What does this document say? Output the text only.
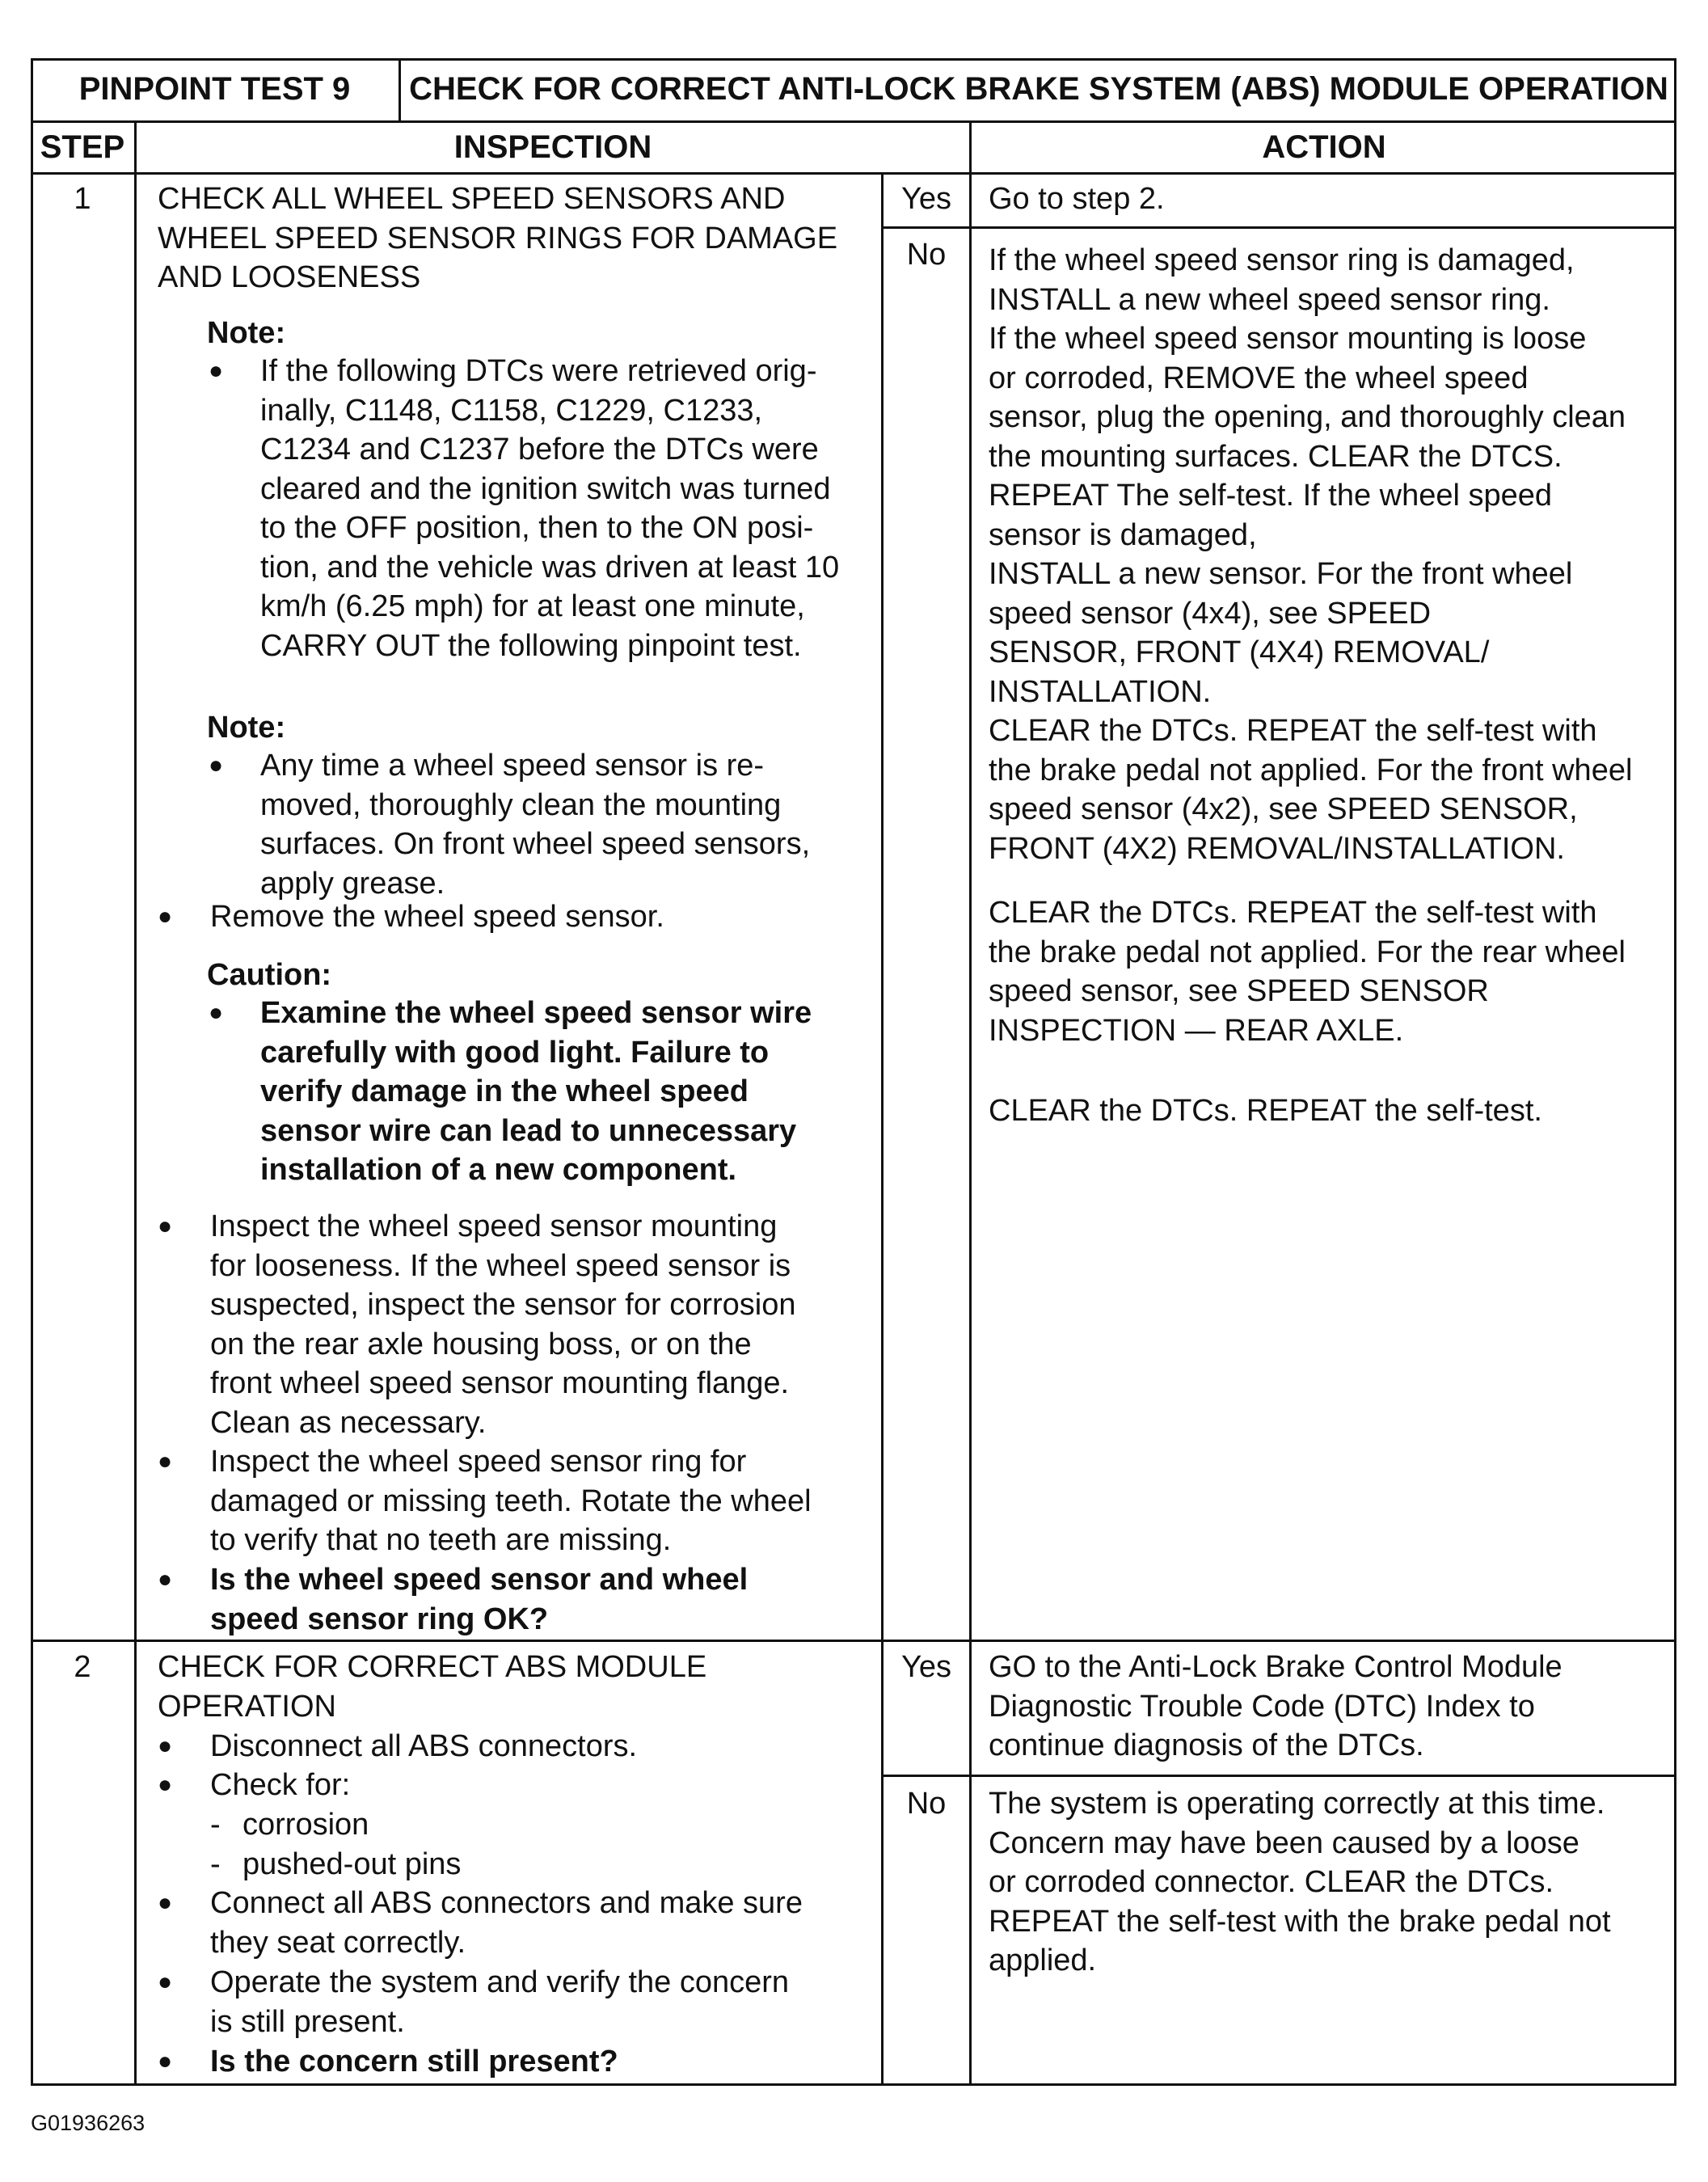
PINPOINT TEST 9	CHECK FOR CORRECT ANTI-LOCK BRAKE SYSTEM (ABS) MODULE OPERATION
STEP	INSPECTION	ACTION
1	CHECK ALL WHEEL SPEED SENSORS AND
WHEEL SPEED SENSOR RINGS FOR DAMAGE
AND LOOSENESS
Note:
● If the following DTCs were retrieved orig-
inally, C1148, C1158, C1229, C1233,
C1234 and C1237 before the DTCs were
cleared and the ignition switch was turned
to the OFF position, then to the ON posi-
tion, and the vehicle was driven at least 10
km/h (6.25 mph) for at least one minute,
CARRY OUT the following pinpoint test.
Note:
● Any time a wheel speed sensor is re-
moved, thoroughly clean the mounting
surfaces. On front wheel speed sensors,
apply grease.
● Remove the wheel speed sensor.
Caution:
● Examine the wheel speed sensor wire
carefully with good light. Failure to
verify damage in the wheel speed
sensor wire can lead to unnecessary
installation of a new component.
● Inspect the wheel speed sensor mounting
for looseness. If the wheel speed sensor is
suspected, inspect the sensor for corrosion
on the rear axle housing boss, or on the
front wheel speed sensor mounting flange.
Clean as necessary.
● Inspect the wheel speed sensor ring for
damaged or missing teeth. Rotate the wheel
to verify that no teeth are missing.
● Is the wheel speed sensor and wheel
speed sensor ring OK?
Yes	Go to step 2.
No	If the wheel speed sensor ring is damaged,
INSTALL a new wheel speed sensor ring.
If the wheel speed sensor mounting is loose
or corroded, REMOVE the wheel speed
sensor, plug the opening, and thoroughly clean
the mounting surfaces. CLEAR the DTCS.
REPEAT The self-test. If the wheel speed
sensor is damaged,
INSTALL a new sensor. For the front wheel
speed sensor (4x4), see SPEED
SENSOR, FRONT (4X4) REMOVAL/
INSTALLATION.
CLEAR the DTCs. REPEAT the self-test with
the brake pedal not applied. For the front wheel
speed sensor (4x2), see SPEED SENSOR,
FRONT (4X2) REMOVAL/INSTALLATION.
CLEAR the DTCs. REPEAT the self-test with
the brake pedal not applied. For the rear wheel
speed sensor, see SPEED SENSOR
INSPECTION — REAR AXLE.
CLEAR the DTCs. REPEAT the self-test.
2	CHECK FOR CORRECT ABS MODULE
OPERATION
● Disconnect all ABS connectors.
● Check for:
- corrosion
- pushed-out pins
● Connect all ABS connectors and make sure
they seat correctly.
● Operate the system and verify the concern
is still present.
● Is the concern still present?
Yes	GO to the Anti-Lock Brake Control Module
Diagnostic Trouble Code (DTC) Index to
continue diagnosis of the DTCs.
No	The system is operating correctly at this time.
Concern may have been caused by a loose
or corroded connector. CLEAR the DTCs.
REPEAT the self-test with the brake pedal not
applied.
G01936263
